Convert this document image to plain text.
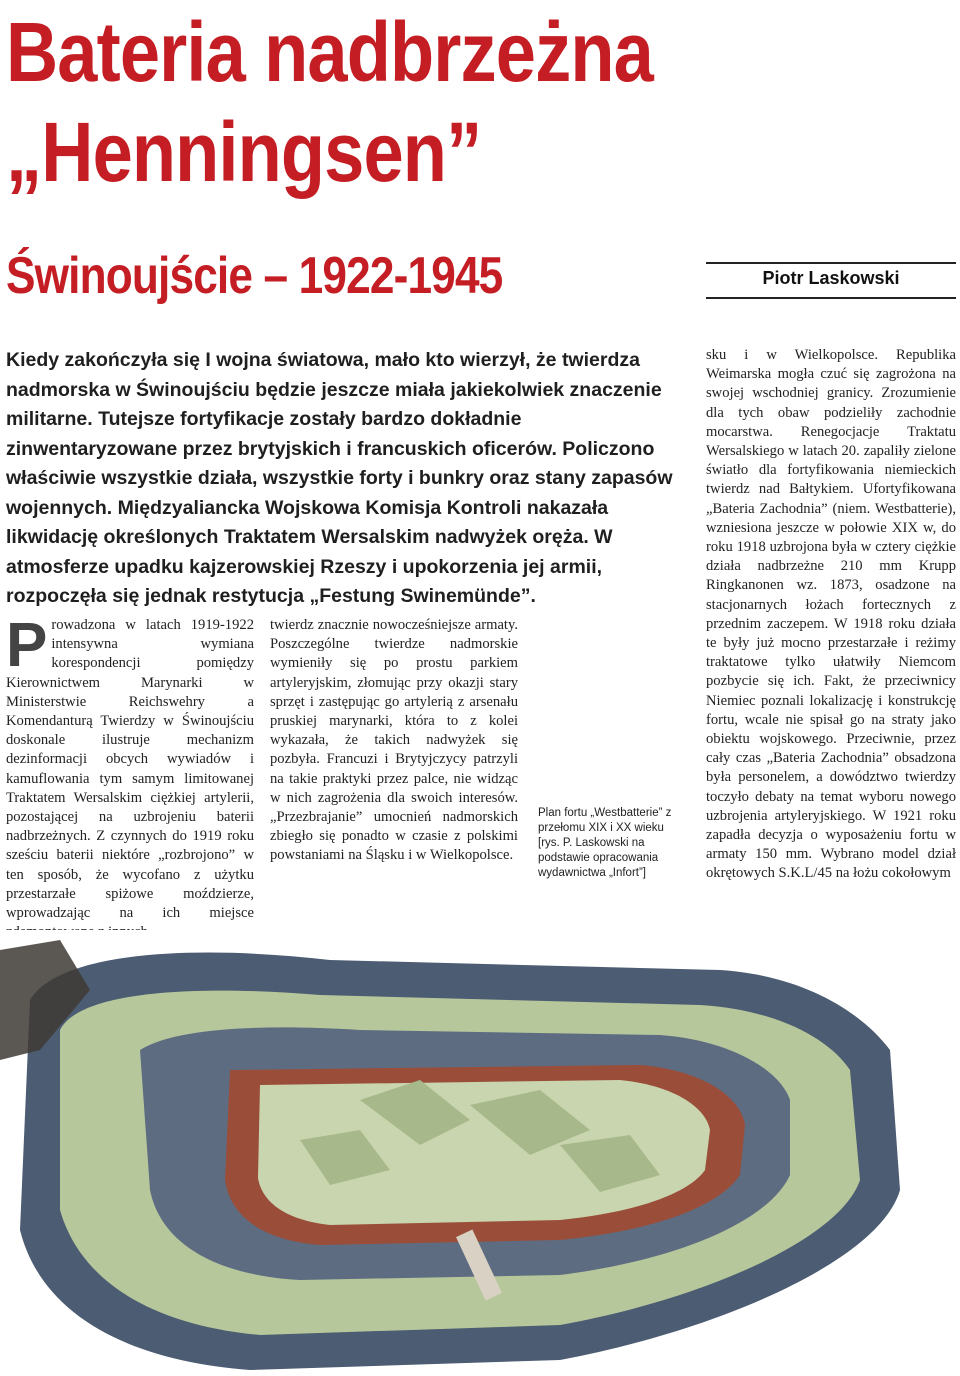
Bateria nadbrzeżna
„Henningsen”
Świnoujście – 1922-1945	Piotr Laskowski
Kiedy zakończyła się I wojna światowa, mało kto wierzył, że twierdza nadmorska w Świnoujściu będzie jeszcze miała jakiekolwiek znaczenie militarne. Tutejsze fortyfikacje zostały bardzo dokładnie zinwentaryzowane przez brytyjskich i francuskich oficerów. Policzono właściwie wszystkie działa, wszystkie forty i bunkry oraz stany zapasów wojennych. Międzyaliancka Wojskowa Komisja Kontroli nakazała likwidację określonych Traktatem Wersalskim nadwyżek oręża. W atmosferze upadku kajzerowskiej Rzeszy i upokorzenia jej armii, rozpoczęła się jednak restytucja „Festung Swinemünde”.
Prowadzona w latach 1919-1922 intensywna wymiana korespondencji pomiędzy Kierownictwem Marynarki w Ministerstwie Reichswehry a Komendanturą Twierdzy w Świnoujściu doskonale ilustruje mechanizm dezinformacji obcych wywiadów i kamuflowania tym samym limitowanej Traktatem Wersalskim ciężkiej artylerii, pozostającej na uzbrojeniu baterii nadbrzeżnych. Z czynnych do 1919 roku sześciu baterii niektóre „rozbrojono” w ten sposób, że wycofano z użytku przestarzałe spiżowe moździerze, wprowadzając na ich miejsce
twierdz znacznie nowocześniejsze armaty. Poszczególne twierdze nadmorskie wymieniły się po prostu parkiem artyleryjskim, złomując przy okazji stary sprzęt i zastępując go artylerią z arsenału pruskiej marynarki, która to z kolei wykazała, że takich nadwyżek się pozbyła. Francuzi i Brytyjczycy patrzyli na takie praktyki przez palce, nie widząc w nich zagrożenia dla swoich interesów. „Przezbrajanie” umocnień nadmorskich zbiegło się ponadto w czasie z polskimi powstaniami na Śląsku i w Wielkopolsce.
sku i w Wielkopolsce. Republika Weimarska mogła czuć się zagrożona na swojej wschodniej granicy. Zrozumienie dla tych obaw podzieliły zachodnie mocarstwa. Renegocjacje Traktatu Wersalskiego w latach 20. zapaliły zielone światło dla fortyfikowania niemieckich twierdz nad Bałtykiem. Ufortyfikowana „Bateria Zachodnia” (niem. Westbatterie), wzniesiona jeszcze w połowie XIX w, do roku 1918 uzbrojona była w cztery ciężkie działa nadbrzeżne 210 mm Krupp Ringkanonen wz. 1873, osadzone na stacjonarnych łożach fortecznych z przednim zaczepem. W 1918 roku działa te były już mocno przestarzałe i reżimy traktatowe tylko ułatwiły Niemcom pozbycie się ich. Fakt, że przeciwnicy Niemiec poznali lokalizację i konstrukcję fortu, wcale nie spisał go na straty jako obiektu wojskowego. Przeciwnie, przez cały czas „Bateria Zachodnia” obsadzona była personelem, a dowództwo twierdzy toczyło debaty na temat wyboru nowego uzbrojenia artyleryjskiego. W 1921 roku zapadła decyzja o wyposażeniu fortu w armaty 150 mm. Wybrano model dział okrętowych S.K.L/45 na łożu cokołowym
Plan fortu „Westbatterie” z przełomu XIX i XX wieku [rys. P. Laskowski na podstawie opracowania wydawnictwa „Infort”]
